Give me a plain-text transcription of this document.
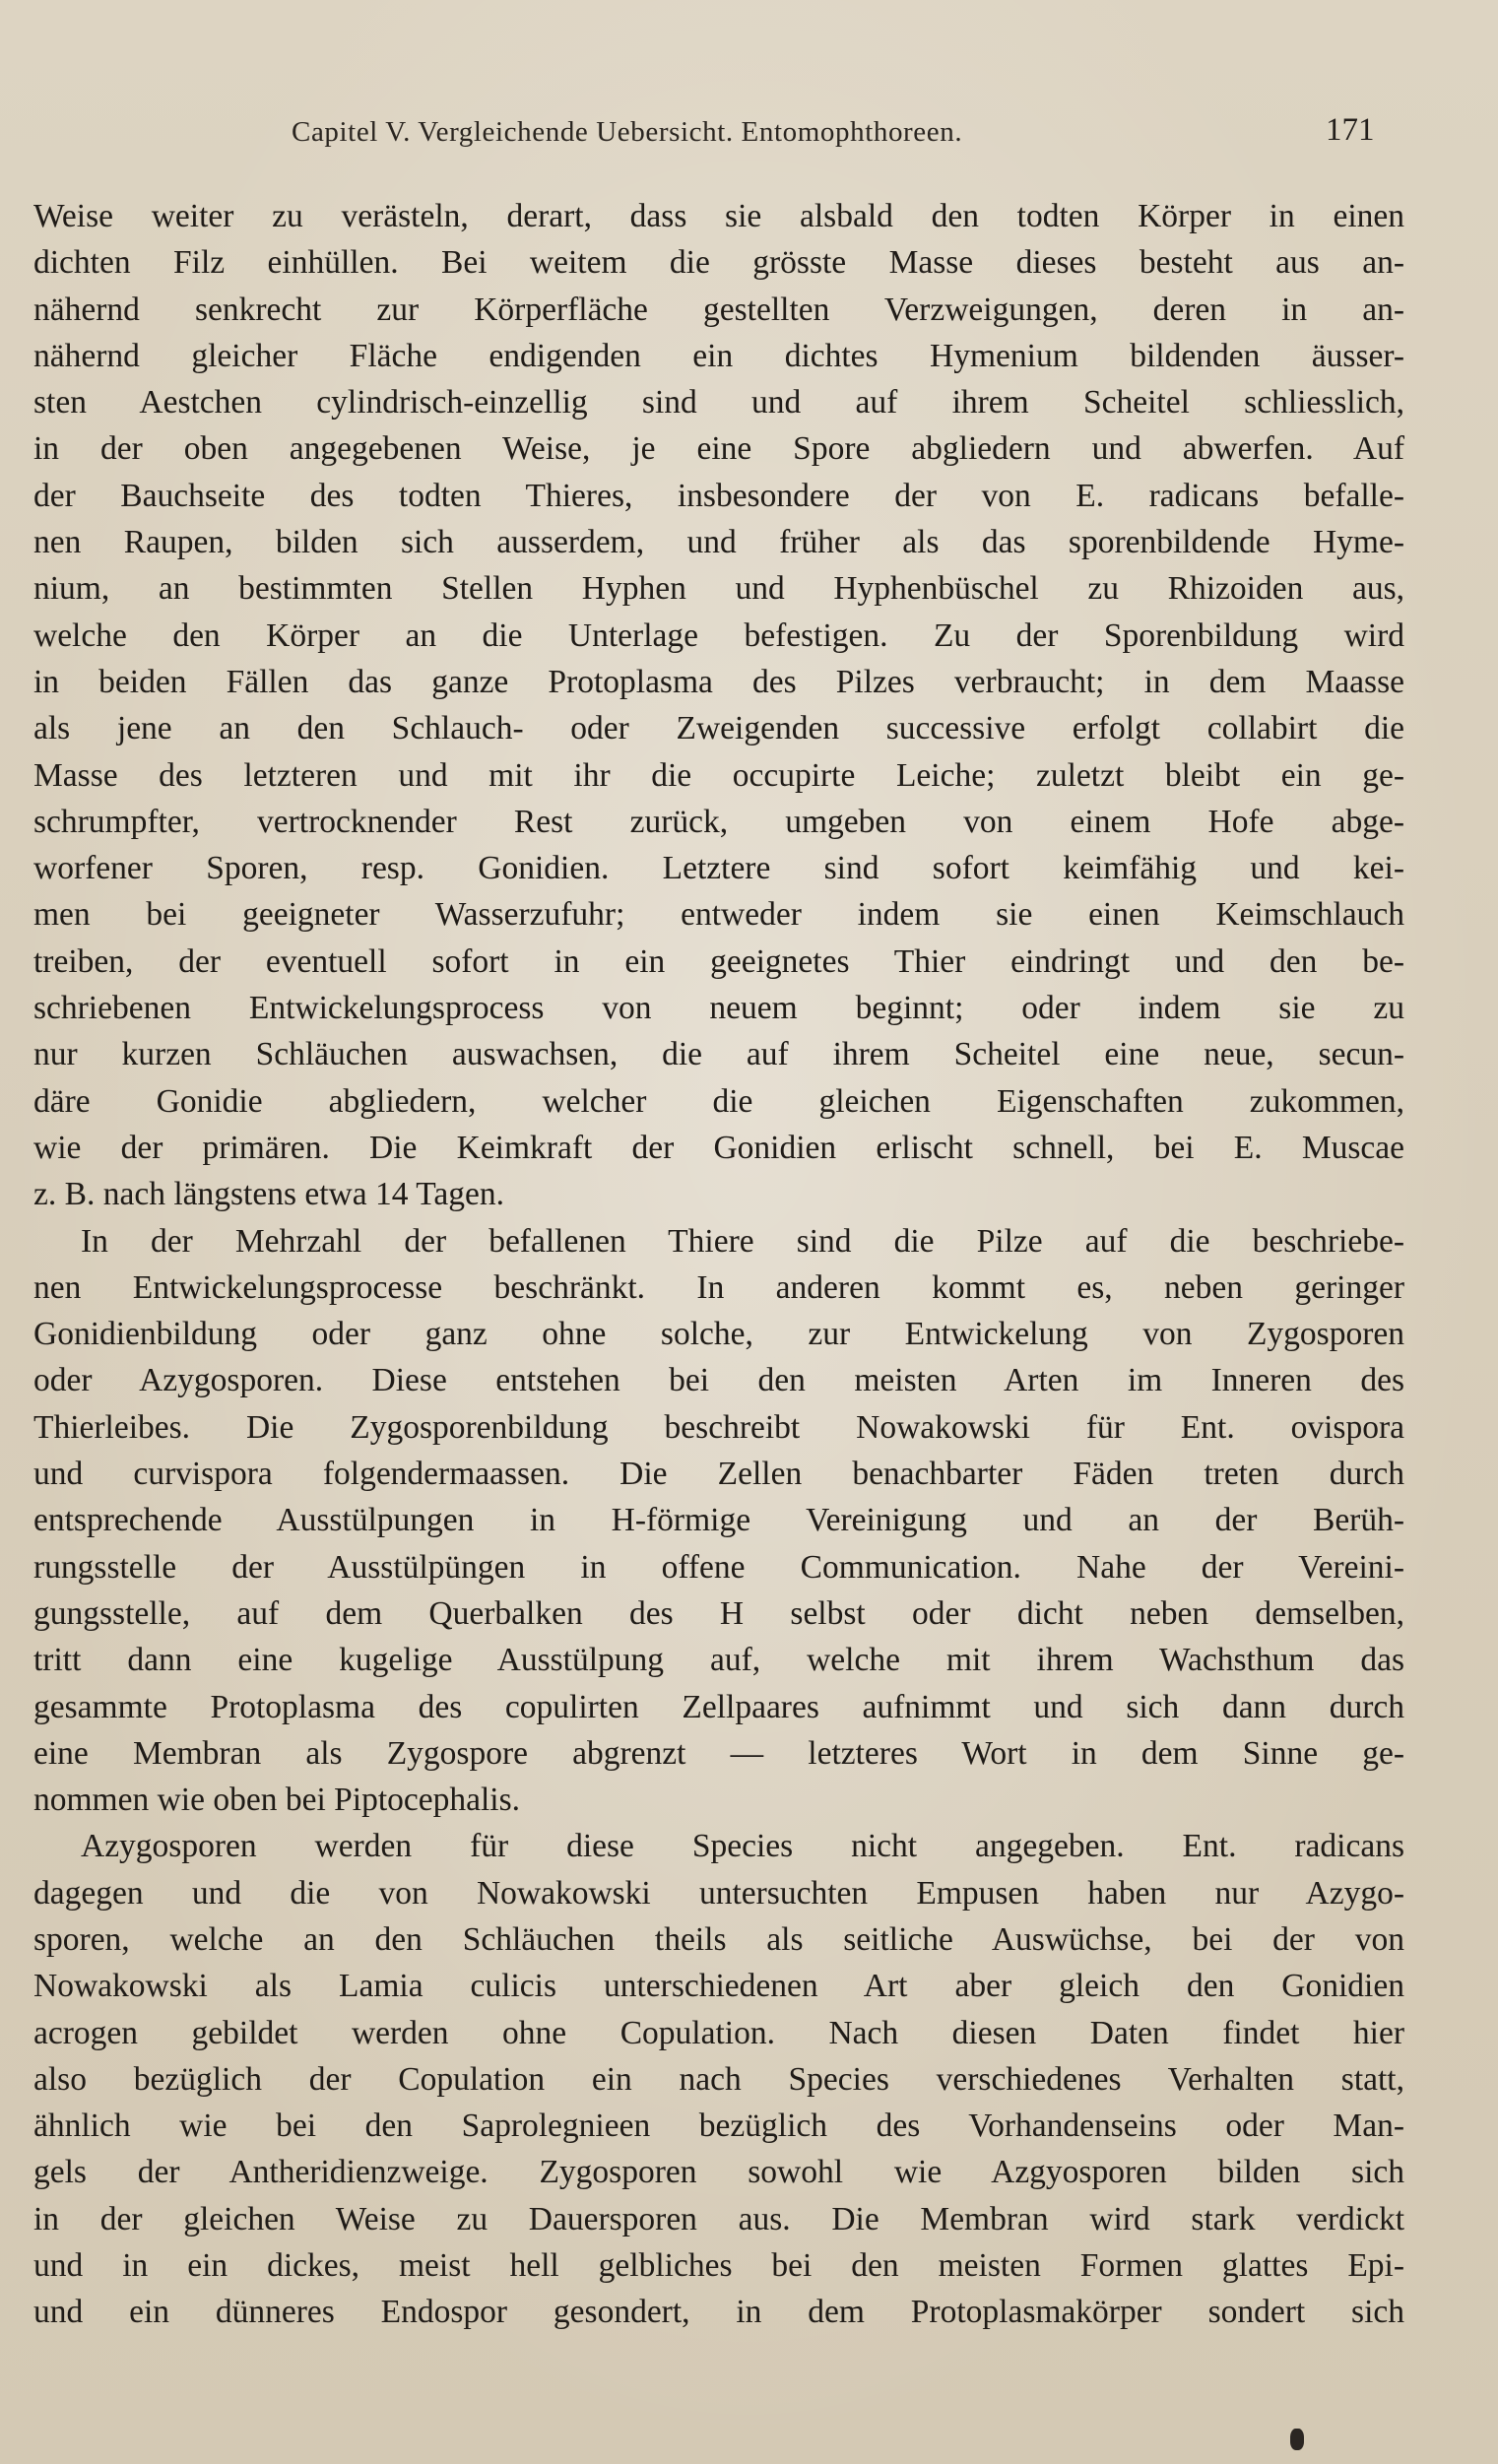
Capitel V. Vergleichende Uebersicht. Entomophthoreen.	171
Weise weiter zu verästeln, derart, dass sie alsbald den todten Körper in einen
dichten Filz einhüllen. Bei weitem die grösste Masse dieses besteht aus an-
nähernd senkrecht zur Körperfläche gestellten Verzweigungen, deren in an-
nähernd gleicher Fläche endigenden ein dichtes Hymenium bildenden äusser-
sten Aestchen cylindrisch-einzellig sind und auf ihrem Scheitel schliesslich,
in der oben angegebenen Weise, je eine Spore abgliedern und abwerfen. Auf
der Bauchseite des todten Thieres, insbesondere der von E. radicans befalle-
nen Raupen, bilden sich ausserdem, und früher als das sporenbildende Hyme-
nium, an bestimmten Stellen Hyphen und Hyphenbüschel zu Rhizoiden aus,
welche den Körper an die Unterlage befestigen. Zu der Sporenbildung wird
in beiden Fällen das ganze Protoplasma des Pilzes verbraucht; in dem Maasse
als jene an den Schlauch- oder Zweigenden successive erfolgt collabirt die
Masse des letzteren und mit ihr die occupirte Leiche; zuletzt bleibt ein ge-
schrumpfter, vertrocknender Rest zurück, umgeben von einem Hofe abge-
worfener Sporen, resp. Gonidien. Letztere sind sofort keimfähig und kei-
men bei geeigneter Wasserzufuhr; entweder indem sie einen Keimschlauch
treiben, der eventuell sofort in ein geeignetes Thier eindringt und den be-
schriebenen Entwickelungsprocess von neuem beginnt; oder indem sie zu
nur kurzen Schläuchen auswachsen, die auf ihrem Scheitel eine neue, secun-
däre Gonidie abgliedern, welcher die gleichen Eigenschaften zukommen,
wie der primären. Die Keimkraft der Gonidien erlischt schnell, bei E. Muscae
z. B. nach längstens etwa 14 Tagen.
In der Mehrzahl der befallenen Thiere sind die Pilze auf die beschriebe-
nen Entwickelungsprocesse beschränkt. In anderen kommt es, neben geringer
Gonidienbildung oder ganz ohne solche, zur Entwickelung von Zygosporen
oder Azygosporen. Diese entstehen bei den meisten Arten im Inneren des
Thierleibes. Die Zygosporenbildung beschreibt Nowakowski für Ent. ovispora
und curvispora folgendermaassen. Die Zellen benachbarter Fäden treten durch
entsprechende Ausstülpungen in H-förmige Vereinigung und an der Berüh-
rungsstelle der Ausstülpüngen in offene Communication. Nahe der Vereini-
gungsstelle, auf dem Querbalken des H selbst oder dicht neben demselben,
tritt dann eine kugelige Ausstülpung auf, welche mit ihrem Wachsthum das
gesammte Protoplasma des copulirten Zellpaares aufnimmt und sich dann durch
eine Membran als Zygospore abgrenzt — letzteres Wort in dem Sinne ge-
nommen wie oben bei Piptocephalis.
Azygosporen werden für diese Species nicht angegeben. Ent. radicans
dagegen und die von Nowakowski untersuchten Empusen haben nur Azygo-
sporen, welche an den Schläuchen theils als seitliche Auswüchse, bei der von
Nowakowski als Lamia culicis unterschiedenen Art aber gleich den Gonidien
acrogen gebildet werden ohne Copulation. Nach diesen Daten findet hier
also bezüglich der Copulation ein nach Species verschiedenes Verhalten statt,
ähnlich wie bei den Saprolegnieen bezüglich des Vorhandenseins oder Man-
gels der Antheridienzweige. Zygosporen sowohl wie Azgyosporen bilden sich
in der gleichen Weise zu Dauersporen aus. Die Membran wird stark verdickt
und in ein dickes, meist hell gelbliches bei den meisten Formen glattes Epi-
und ein dünneres Endospor gesondert, in dem Protoplasmakörper sondert sich
